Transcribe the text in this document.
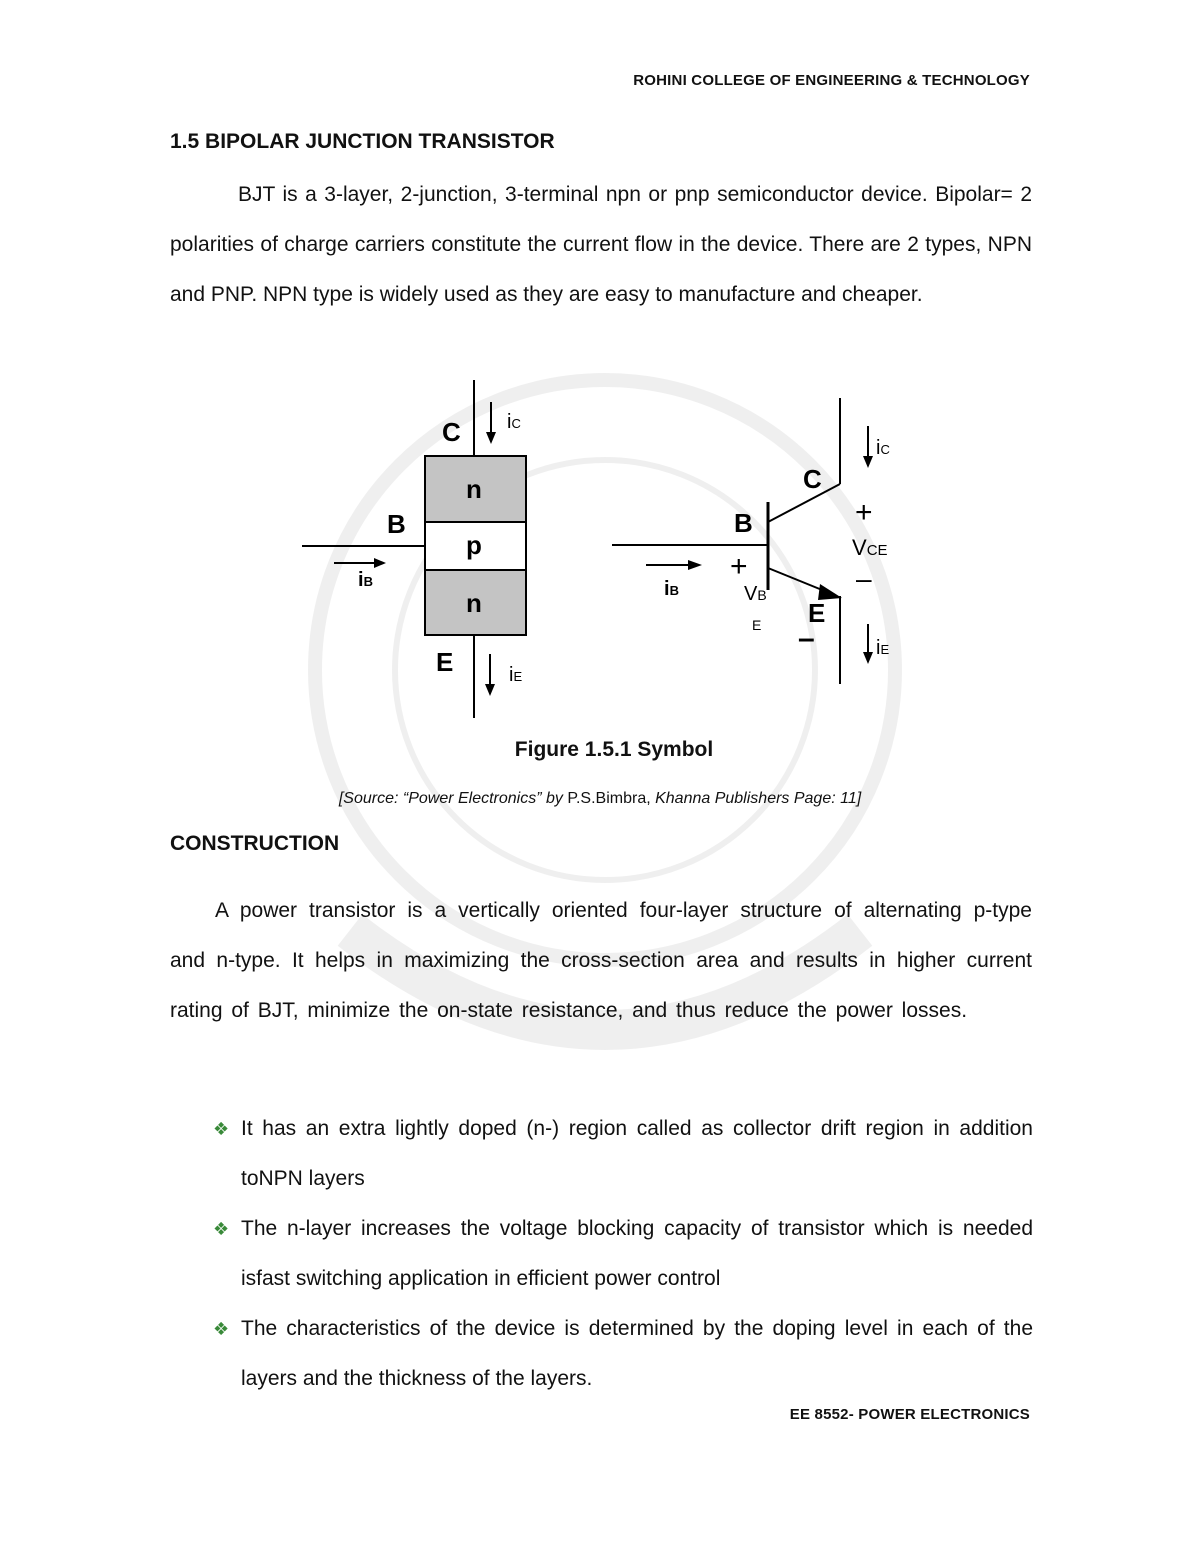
ROHINI COLLEGE OF ENGINEERING & TECHNOLOGY
1.5 BIPOLAR JUNCTION TRANSISTOR
BJT is a 3-layer, 2-junction, 3-terminal npn or pnp semiconductor device. Bipolar= 2 polarities of charge carriers constitute the current flow in the device. There are 2 types, NPN and PNP. NPN type is widely used as they are easy to manufacture and cheaper.
n
p
n
C
B
E
iC
iB
iE
C
B
E
iC
+
VCE
–
iB
+
VB
E –	iE
Figure 1.5.1 Symbol
[Source: “Power Electronics” by P.S.Bimbra, Khanna Publishers Page: 11]
CONSTRUCTION
A power transistor is a vertically oriented four-layer structure of alternating p-type and n-type. It helps in maximizing the cross-section area and results in higher current rating of BJT, minimize the on-state resistance, and thus reduce the power losses.
❖ It has an extra lightly doped (n-) region called as collector drift region in addition toNPN layers
❖ The n-layer increases the voltage blocking capacity of transistor which is needed isfast switching application in efficient power control
❖ The characteristics of the device is determined by the doping level in each of the layers and the thickness of the layers.
EE 8552- POWER ELECTRONICS
